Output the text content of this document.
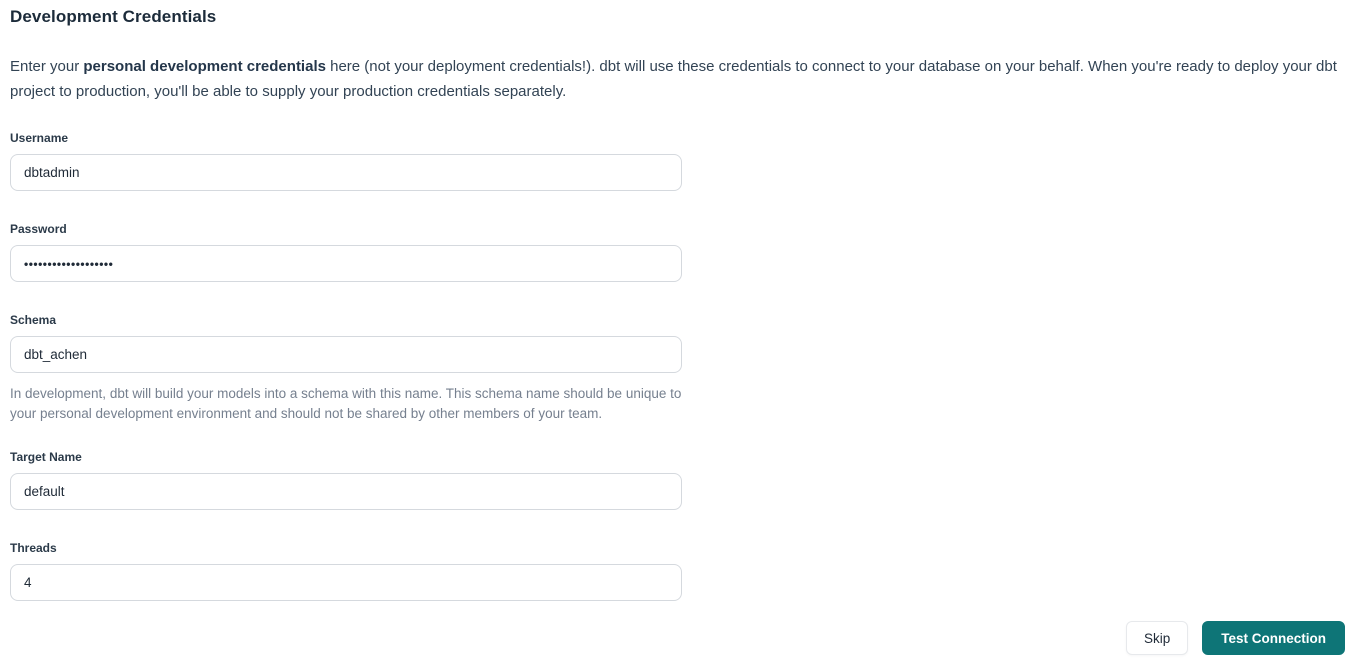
Development Credentials

Enter your personal development credentials here (not your deployment credentials!). dbt will use these credentials to connect to your database on your behalf. When you're ready to deploy your dbt project to production, you'll be able to supply your production credentials separately.

Username
dbtadmin
Password
•••••••••••••••••••
Schema
dbt_achen

In development, dbt will build your models into a schema with this name. This schema name should be unique to your personal development environment and should not be shared by other members of your team.

Target Name
default
Threads
4
Skip	Test Connection
